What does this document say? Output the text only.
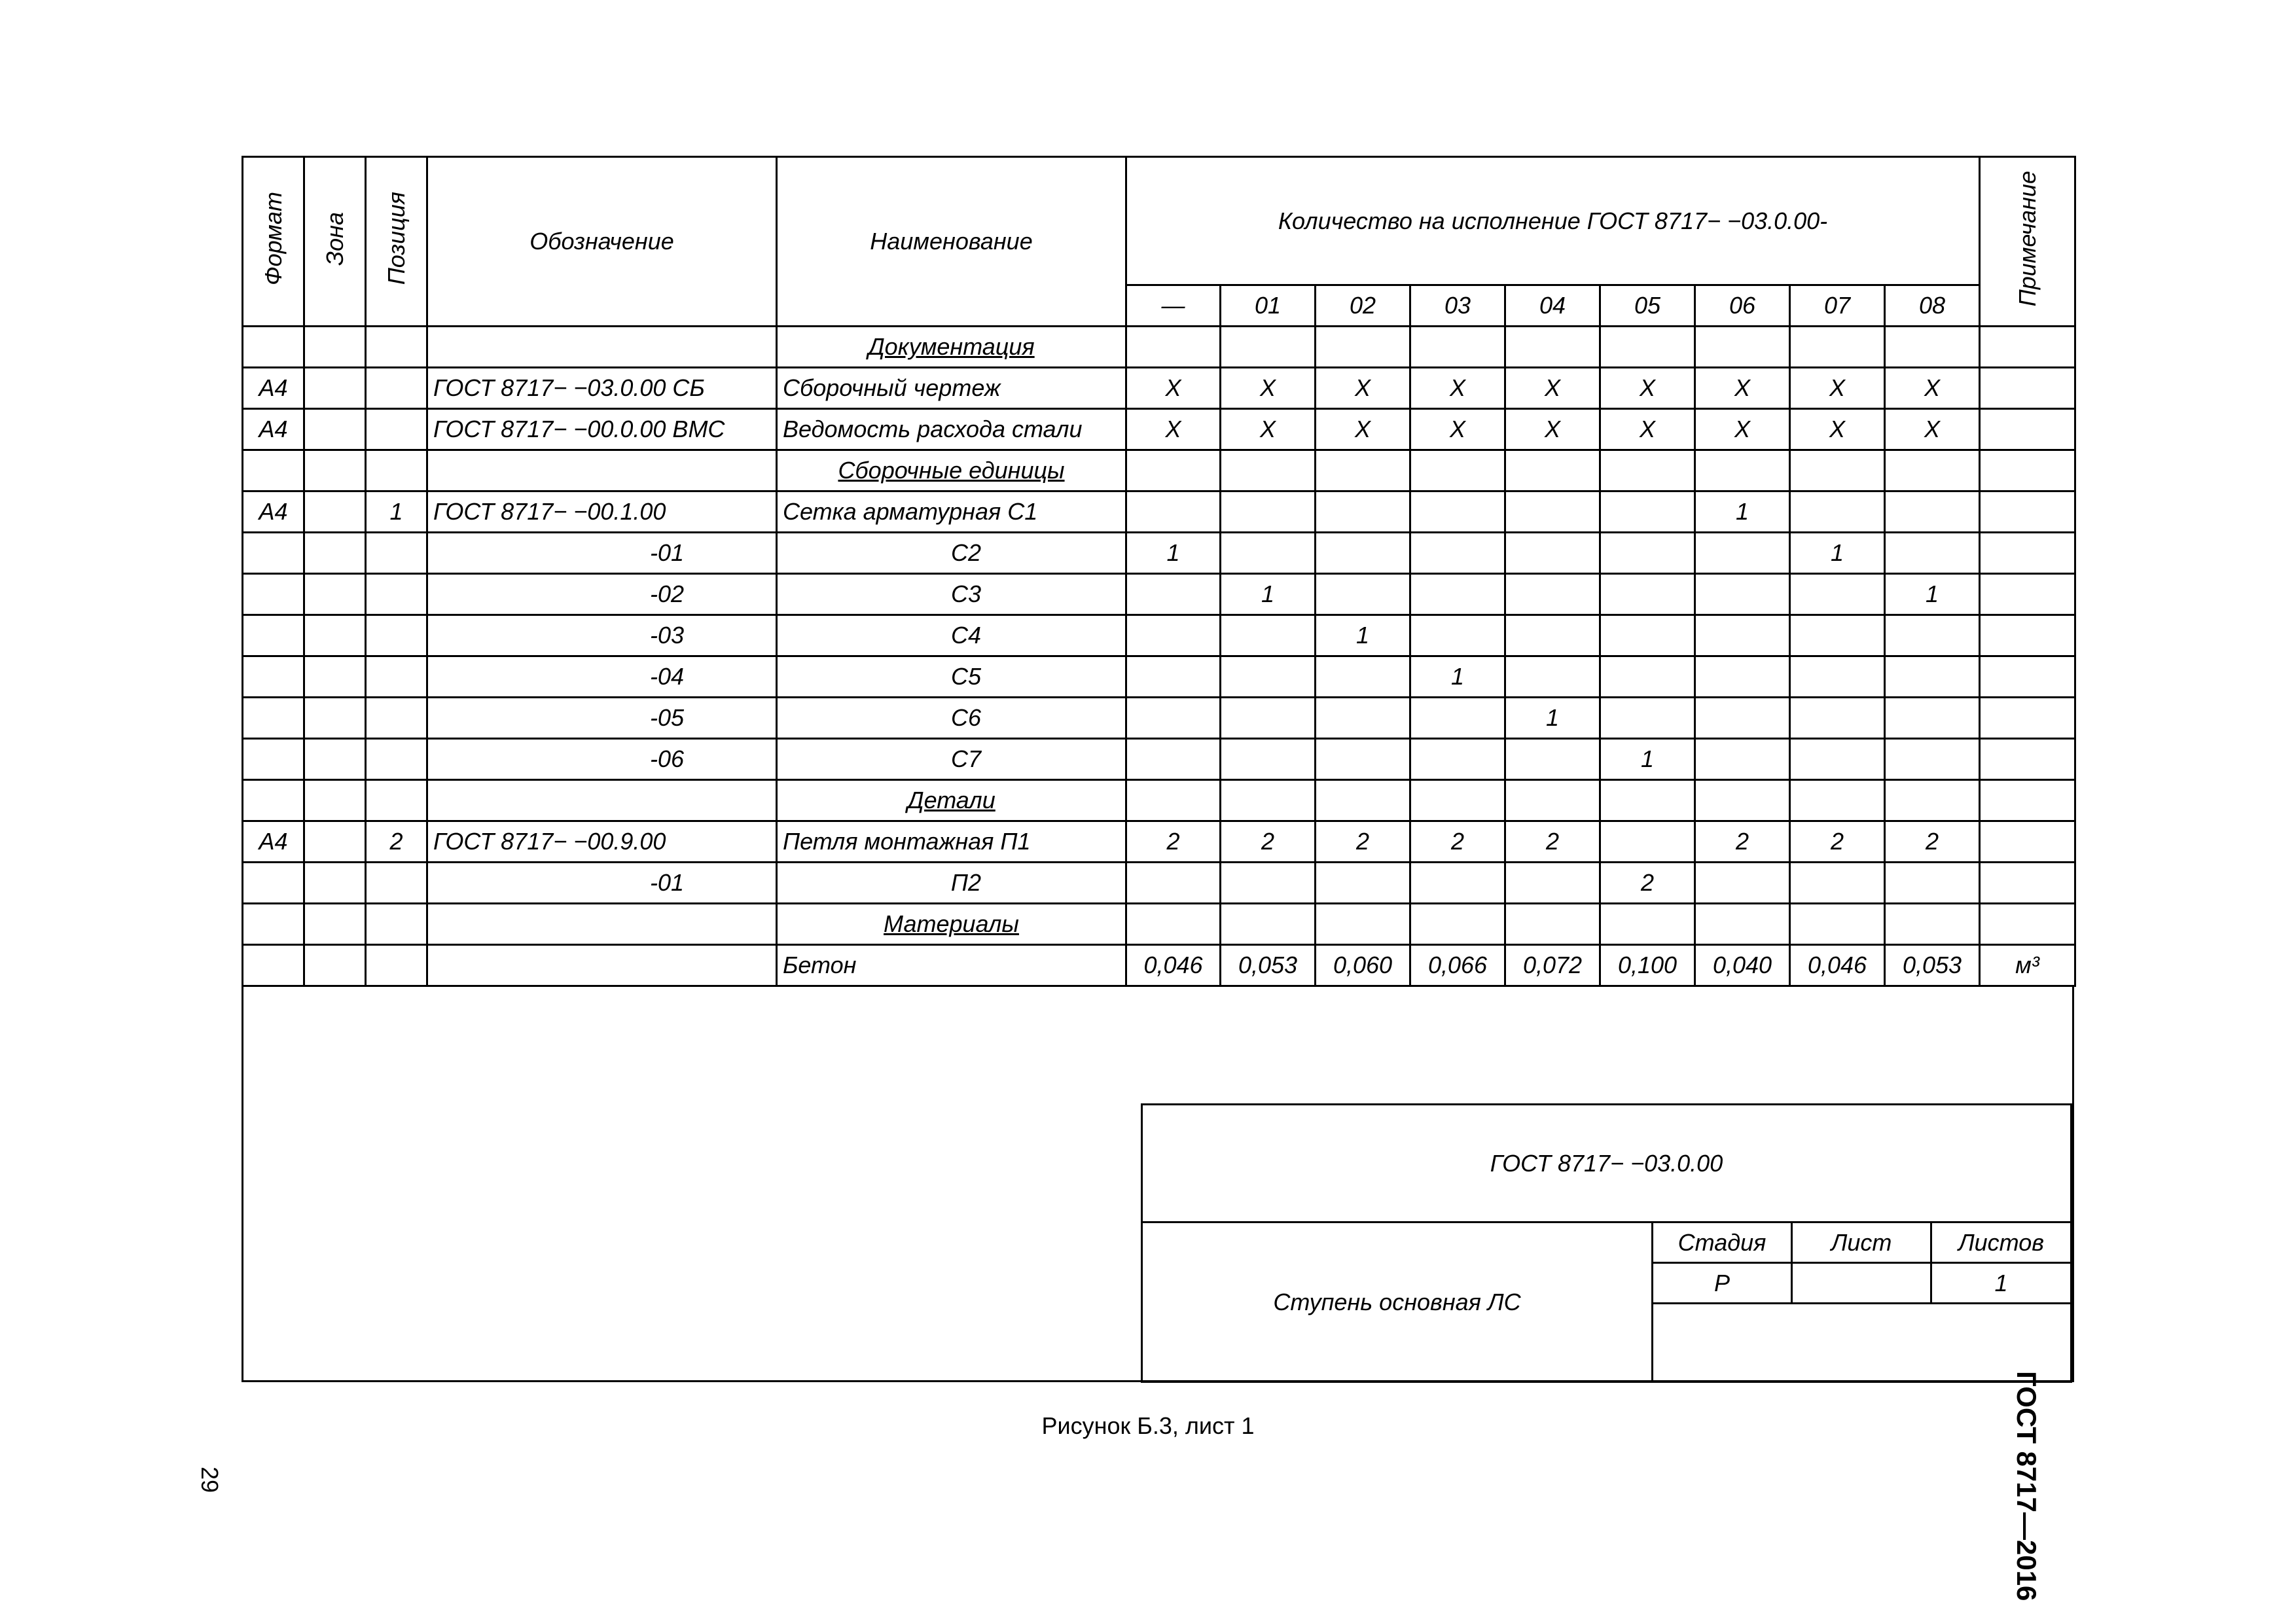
Формат	Зона	Позиция	Обозначение	Наименование	Количество на исполнение ГОСТ 8717− −03.0.00-									Примечание
					—	01	02	03	04	05	06	07	08	
				Документация										
А4			ГОСТ 8717− −03.0.00 СБ	Сборочный чертеж	Х	Х	Х	Х	Х	Х	Х	Х	Х	
А4			ГОСТ 8717− −00.0.00 ВМС	Ведомость расхода стали	Х	Х	Х	Х	Х	Х	Х	Х	Х	
				Сборочные единицы										
А4		1	ГОСТ 8717− −00.1.00	Сетка арматурная С1							1			
			-01	С2	1							1		
			-02	С3		1							1	
			-03	С4			1							
			-04	С5				1						
			-05	С6					1					
			-06	С7						1				
				Детали										
А4		2	ГОСТ 8717− −00.9.00	Петля монтажная П1	2	2	2	2	2		2	2	2	
			-01	П2						2				
				Материалы										
				Бетон	0,046	0,053	0,060	0,066	0,072	0,100	0,040	0,046	0,053	м³
ГОСТ 8717− −03.0.00			
Ступень основная ЛС	Стадия	Лист	Листов
	Р		1

Рисунок Б.3, лист 1
29	ГОСТ 8717—2016
